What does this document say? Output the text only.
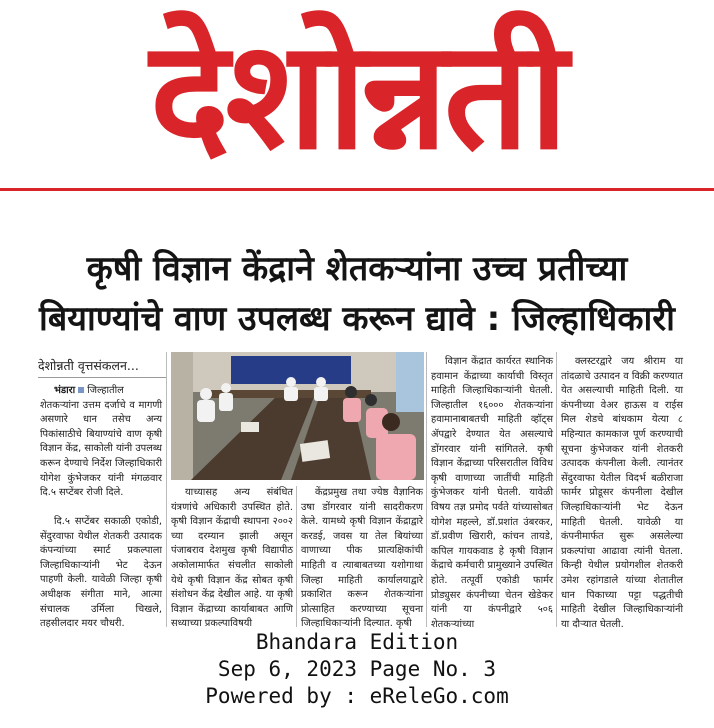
देशोन्नती
कृषी विज्ञान केंद्राने शेतकऱ्यांना उच्च प्रतीच्या
बियाण्यांचे वाण उपलब्ध करून द्यावे : जिल्हाधिकारी
देशोन्नती वृत्तसंकलन...

भंडारा जिल्हातील शेतकऱ्यांना उत्तम दर्जाचे व मागणी असणारे धान तसेच अन्य पिकांसाठीचे बियाण्यांचे वाण कृषी विज्ञान केंद्र, साकोली यांनी उपलब्ध करून देण्याचे निर्देश जिल्हाधिकारी योगेश कुंभेजकर यांनी मंगळवार दि.५ सप्टेंबर रोजी दिले.

दि.५ सप्टेंबर सकाळी एकोडी, सेंदुरवाफा येथील शेतकरी उत्पादक कंपन्यांच्या स्मार्ट प्रकल्पाला जिल्हाधिकाऱ्यांनी भेट देऊन पाहणी केली. यावेळी जिल्हा कृषी अधीक्षक संगीता माने, आत्मा संचालक उर्मिला चिखले, तहसीलदार मयर चौधरी.

याच्यासह अन्य संबंधित यंत्रणांचे अधिकारी उपस्थित होते. कृषी विज्ञान केंद्राची स्थापना २००२ च्या दरम्यान झाली असून पंजाबराव देशमुख कृषी विद्यापीठ अकोलामार्फत संचलीत साकोली येथे कृषी विज्ञान केंद्र सोबत कृषी संशोधन केंद्र देखील आहे. या कृषी विज्ञान केंद्राच्या कार्याबाबत आणि सध्याच्या प्रकल्पाविषयी

केंद्रप्रमुख तथा ज्येष्ठ वैज्ञानिक उषा डोंगरवार यांनी सादरीकरण केले. यामध्ये कृषी विज्ञान केंद्राद्वारे करडई, जवस या तेल बियांच्या वाणाच्या पीक प्रात्यक्षिकांची माहिती व त्याबाबतच्या यशोगाथा जिल्हा माहिती कार्यालयाद्वारे प्रकाशित करून शेतकऱ्यांना प्रोत्साहित करण्याच्या सूचना जिल्हाधिकाऱ्यांनी दिल्यात. कृषी

विज्ञान केंद्रात कार्यरत स्थानिक हवामान केंद्राच्या कार्याची विस्तृत माहिती जिल्हाधिकाऱ्यांनी घेतली. जिल्हातील १६००० शेतकऱ्यांना हवामानाबाबतची माहिती व्हॉट्स ॲपद्वारे देण्यात येत असल्याचे डोंगरवार यांनी सांगितले. कृषी विज्ञान केंद्राच्या परिसरातील विविध कृषी वाणाच्या जातींची माहिती कुंभेजकर यांनी घेतली. यावेळी विषय तज्ञ प्रमोद पर्वते यांच्यासोबत योगेश महल्ले, डॉ.प्रशांत उंबरकर, डॉ.प्रवीण खिरारी, कांचन तायडे, कपिल गायकवाड हे कृषी विज्ञान केंद्राचे कर्मचारी प्रामुख्याने उपस्थित होते. तत्पूर्वी एकोडी फार्मर प्रोड्युसर कंपनीच्या चेतन खेडेकर यांनी या कंपनीद्वारे ५०६ शेतकऱ्यांच्या

क्लस्टरद्वारे जय श्रीराम या तांदळाचे उत्पादन व विक्री करण्यात येत असल्याची माहिती दिली. या कंपनीच्या वेअर हाऊस व राईस मिल शेडचे बांधकाम येत्या ८ महिन्यात कामकाज पूर्ण करण्याची सूचना कुंभेजकर यांनी शेतकरी उत्पादक कंपनीला केली. त्यानंतर सेंदुरवाफा येतील विदर्भ बळीराजा फार्मर प्रोडूसर कंपनीला देखील जिल्हाधिकाऱ्यांनी भेट देऊन माहिती घेतली. यावेळी या कंपनीमार्फत सुरू असलेल्या प्रकल्पांचा आढावा त्यांनी घेतला. किन्ही येथील प्रयोगशील शेतकरी उमेश रहांगडाले यांच्या शेतातील धान पिकाच्या पट्टा पद्धतीची माहिती देखील जिल्हाधिकाऱ्यांनी या दौऱ्यात घेतली.

Bhandara Edition
Sep 6, 2023 Page No. 3
Powered by : eReleGo.com
